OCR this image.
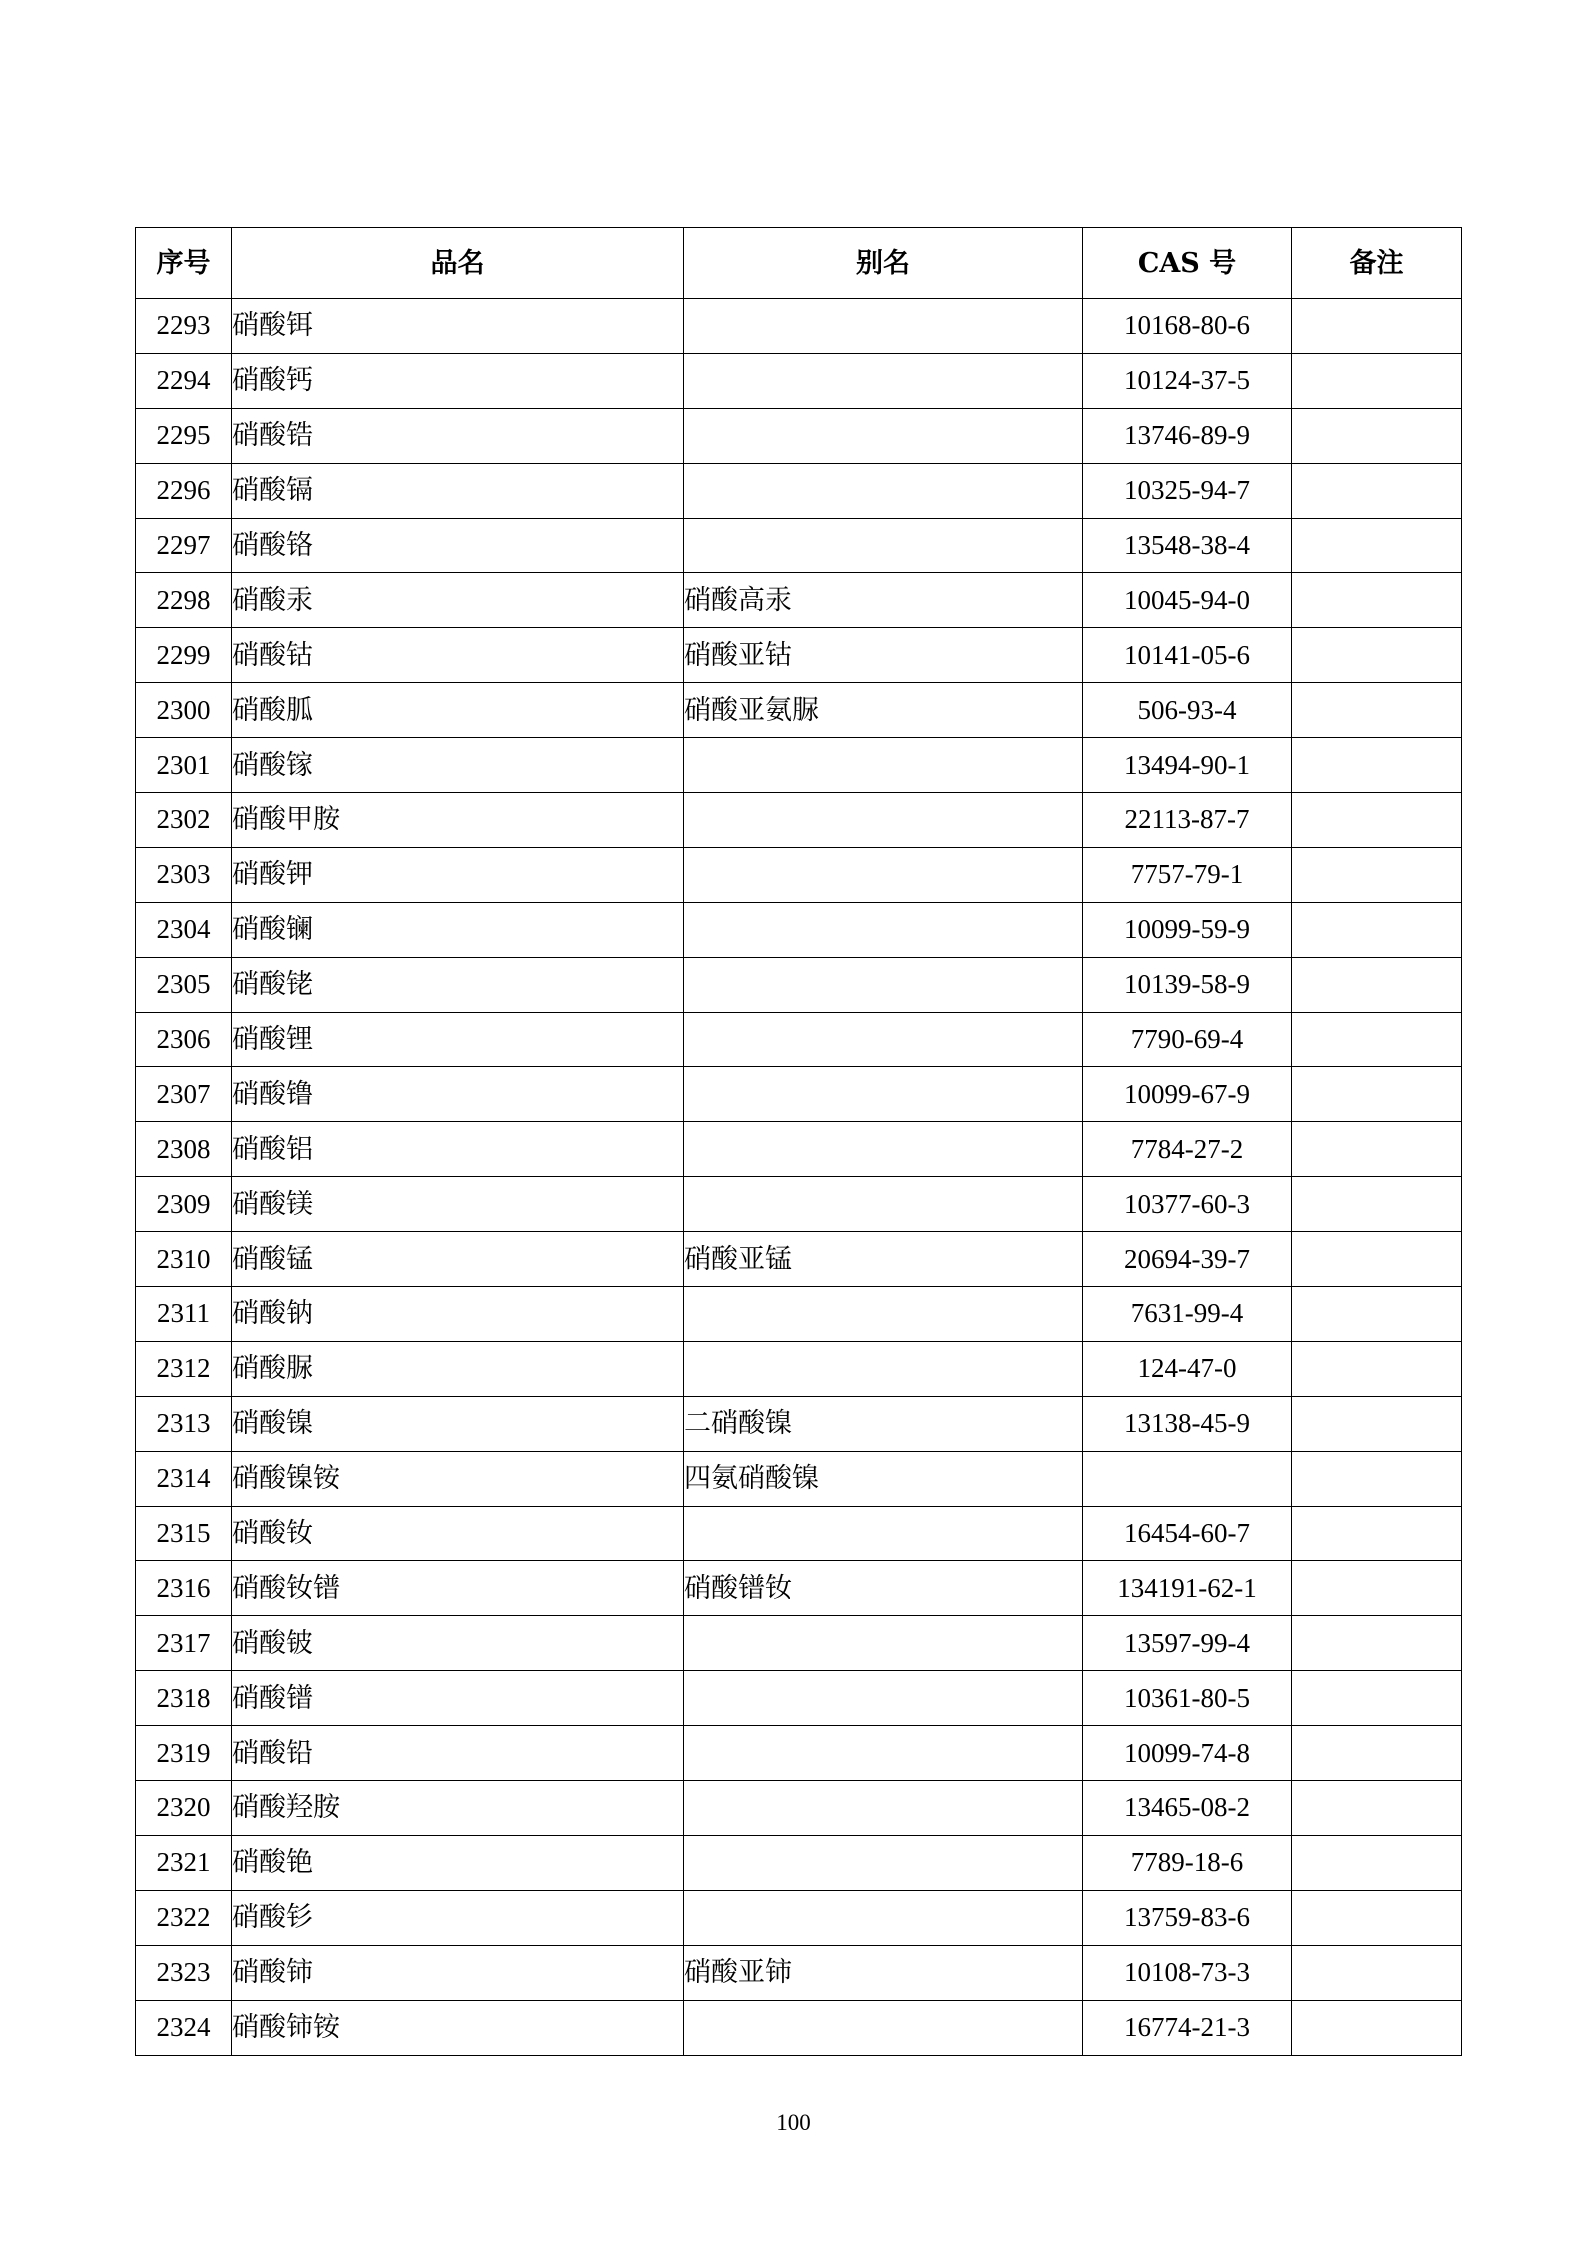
序号	品名	别名	CAS 号	备注
2293	硝酸铒		10168-80-6	
2294	硝酸钙		10124-37-5	
2295	硝酸锆		13746-89-9	
2296	硝酸镉		10325-94-7	
2297	硝酸铬		13548-38-4	
2298	硝酸汞	硝酸高汞	10045-94-0	
2299	硝酸钴	硝酸亚钴	10141-05-6	
2300	硝酸胍	硝酸亚氨脲	506-93-4	
2301	硝酸镓		13494-90-1	
2302	硝酸甲胺		22113-87-7	
2303	硝酸钾		7757-79-1	
2304	硝酸镧		10099-59-9	
2305	硝酸铑		10139-58-9	
2306	硝酸锂		7790-69-4	
2307	硝酸镥		10099-67-9	
2308	硝酸铝		7784-27-2	
2309	硝酸镁		10377-60-3	
2310	硝酸锰	硝酸亚锰	20694-39-7	
2311	硝酸钠		7631-99-4	
2312	硝酸脲		124-47-0	
2313	硝酸镍	二硝酸镍	13138-45-9	
2314	硝酸镍铵	四氨硝酸镍		
2315	硝酸钕		16454-60-7	
2316	硝酸钕镨	硝酸镨钕	134191-62-1	
2317	硝酸铍		13597-99-4	
2318	硝酸镨		10361-80-5	
2319	硝酸铅		10099-74-8	
2320	硝酸羟胺		13465-08-2	
2321	硝酸铯		7789-18-6	
2322	硝酸钐		13759-83-6	
2323	硝酸铈	硝酸亚铈	10108-73-3	
2324	硝酸铈铵		16774-21-3	
100
